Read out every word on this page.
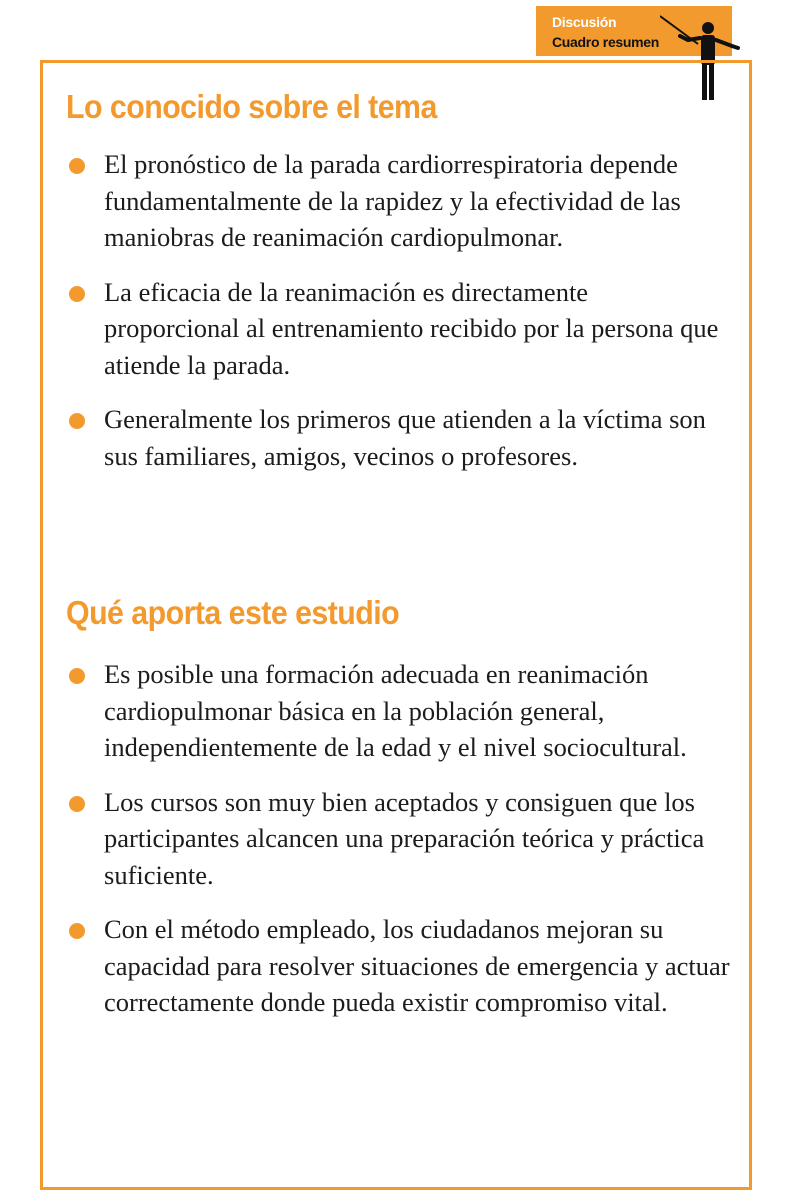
Discusión
Cuadro resumen
Lo conocido sobre el tema
El pronóstico de la parada cardiorrespiratoria depende fundamentalmente de la rapidez y la efectividad de las maniobras de reanimación cardiopulmonar.
La eficacia de la reanimación es directamente proporcional al entrenamiento recibido por la persona que atiende la parada.
Generalmente los primeros que atienden a la víctima son sus familiares, amigos, vecinos o profesores.
Qué aporta este estudio
Es posible una formación adecuada en reanimación cardiopulmonar básica en la población general, independientemente de la edad y el nivel sociocultural.
Los cursos son muy bien aceptados y consiguen que los participantes alcancen una preparación teórica y práctica suficiente.
Con el método empleado, los ciudadanos mejoran su capacidad para resolver situaciones de emergencia y actuar correctamente donde pueda existir compromiso vital.
